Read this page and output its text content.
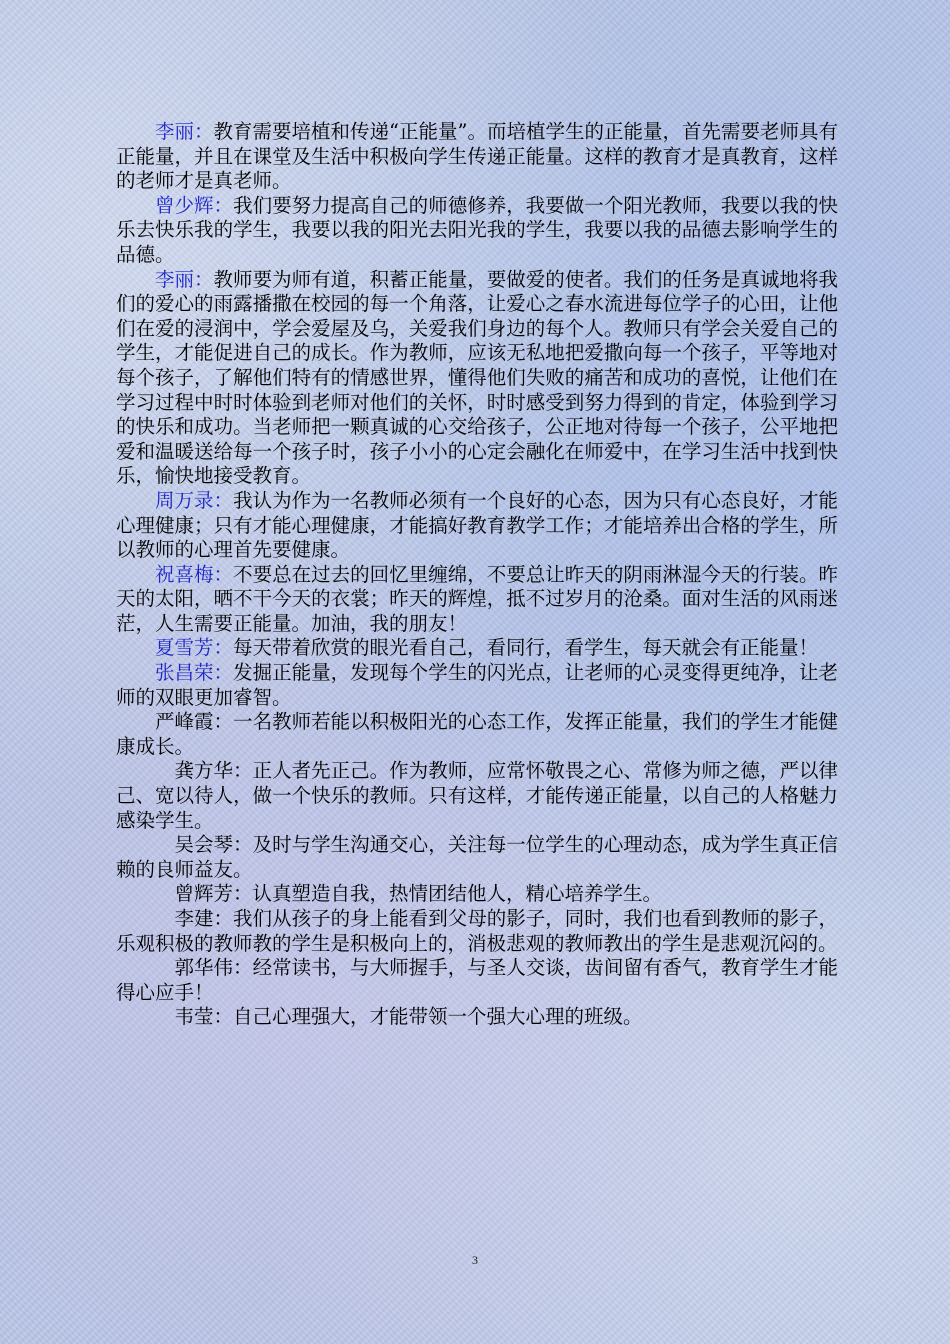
李丽：教育需要培植和传递“正能量”。而培植学生的正能量，首先需要老师具有正能量，并且在课堂及生活中积极向学生传递正能量。这样的教育才是真教育，这样的老师才是真老师。

曾少辉：我们要努力提高自己的师德修养，我要做一个阳光教师，我要以我的快乐去快乐我的学生，我要以我的阳光去阳光我的学生，我要以我的品德去影响学生的品德。

李丽：教师要为师有道，积蓄正能量，要做爱的使者。我们的任务是真诚地将我们的爱心的雨露播撒在校园的每一个角落，让爱心之春水流进每位学子的心田，让他们在爱的浸润中，学会爱屋及乌，关爱我们身边的每个人。教师只有学会关爱自己的学生，才能促进自己的成长。作为教师，应该无私地把爱撒向每一个孩子，平等地对每个孩子，了解他们特有的情感世界，懂得他们失败的痛苦和成功的喜悦，让他们在学习过程中时时体验到老师对他们的关怀，时时感受到努力得到的肯定，体验到学习的快乐和成功。当老师把一颗真诚的心交给孩子，公正地对待每一个孩子，公平地把爱和温暖送给每一个孩子时，孩子小小的心定会融化在师爱中，在学习生活中找到快乐，愉快地接受教育。

周万录：我认为作为一名教师必须有一个良好的心态，因为只有心态良好，才能心理健康；只有才能心理健康，才能搞好教育教学工作；才能培养出合格的学生，所以教师的心理首先要健康。

祝喜梅：不要总在过去的回忆里缠绵，不要总让昨天的阴雨淋湿今天的行装。昨天的太阳，晒不干今天的衣裳；昨天的辉煌，抵不过岁月的沧桑。面对生活的风雨迷茫，人生需要正能量。加油，我的朋友！

夏雪芳：每天带着欣赏的眼光看自己，看同行，看学生，每天就会有正能量！

张昌荣：发掘正能量，发现每个学生的闪光点，让老师的心灵变得更纯净，让老师的双眼更加睿智。

严峰霞：一名教师若能以积极阳光的心态工作，发挥正能量，我们的学生才能健康成长。

龚方华：正人者先正己。作为教师，应常怀敬畏之心、常修为师之德，严以律己、宽以待人，做一个快乐的教师。只有这样，才能传递正能量，以自己的人格魅力感染学生。

吴会琴：及时与学生沟通交心，关注每一位学生的心理动态，成为学生真正信赖的良师益友。

曾辉芳：认真塑造自我，热情团结他人，精心培养学生。

李建：我们从孩子的身上能看到父母的影子，同时，我们也看到教师的影子，乐观积极的教师教的学生是积极向上的，消极悲观的教师教出的学生是悲观沉闷的。

郭华伟：经常读书，与大师握手，与圣人交谈，齿间留有香气，教育学生才能得心应手！

韦莹：自己心理强大，才能带领一个强大心理的班级。

3
